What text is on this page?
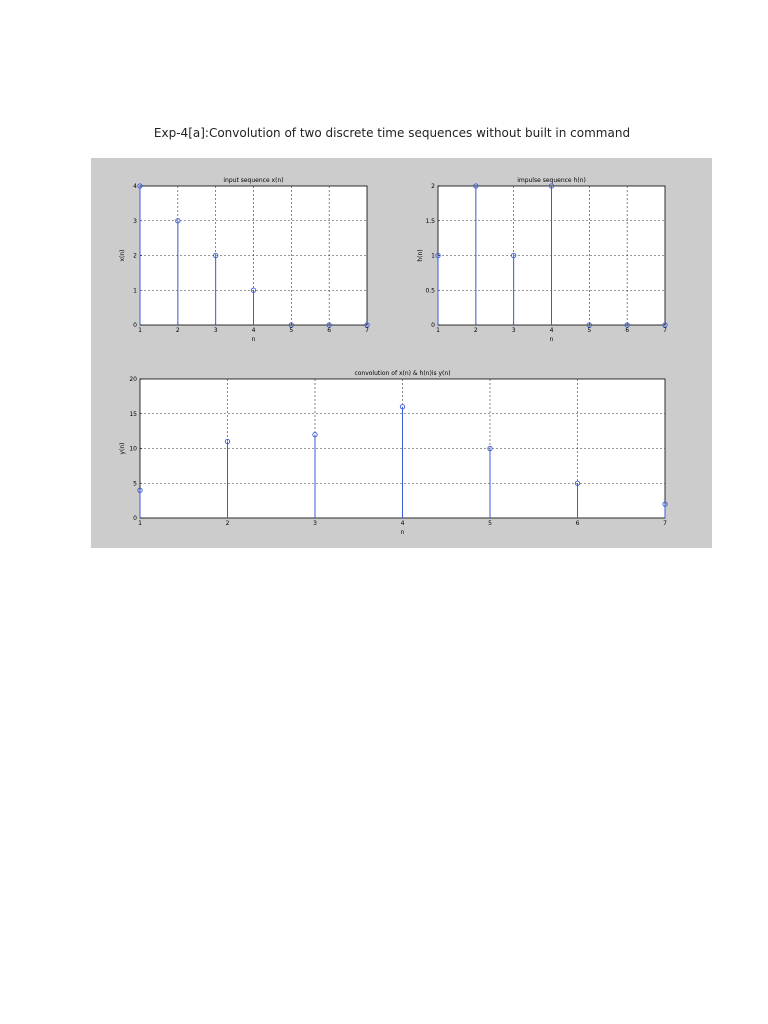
Exp-4[a]:Convolution of two discrete time sequences without built in command
1	2	3	4	5	6	7
0
1
2
3
4
input sequence x(n)
n
x(n)
1	2	3	4	5	6	7
0
0.5
1
1.5
2
impulse sequence h(n)
n
h(n)
1	2	3	4	5	6	7
0
5
10
15
20
convolution of x(n) & h(n)is y(n)
n
y(n)
